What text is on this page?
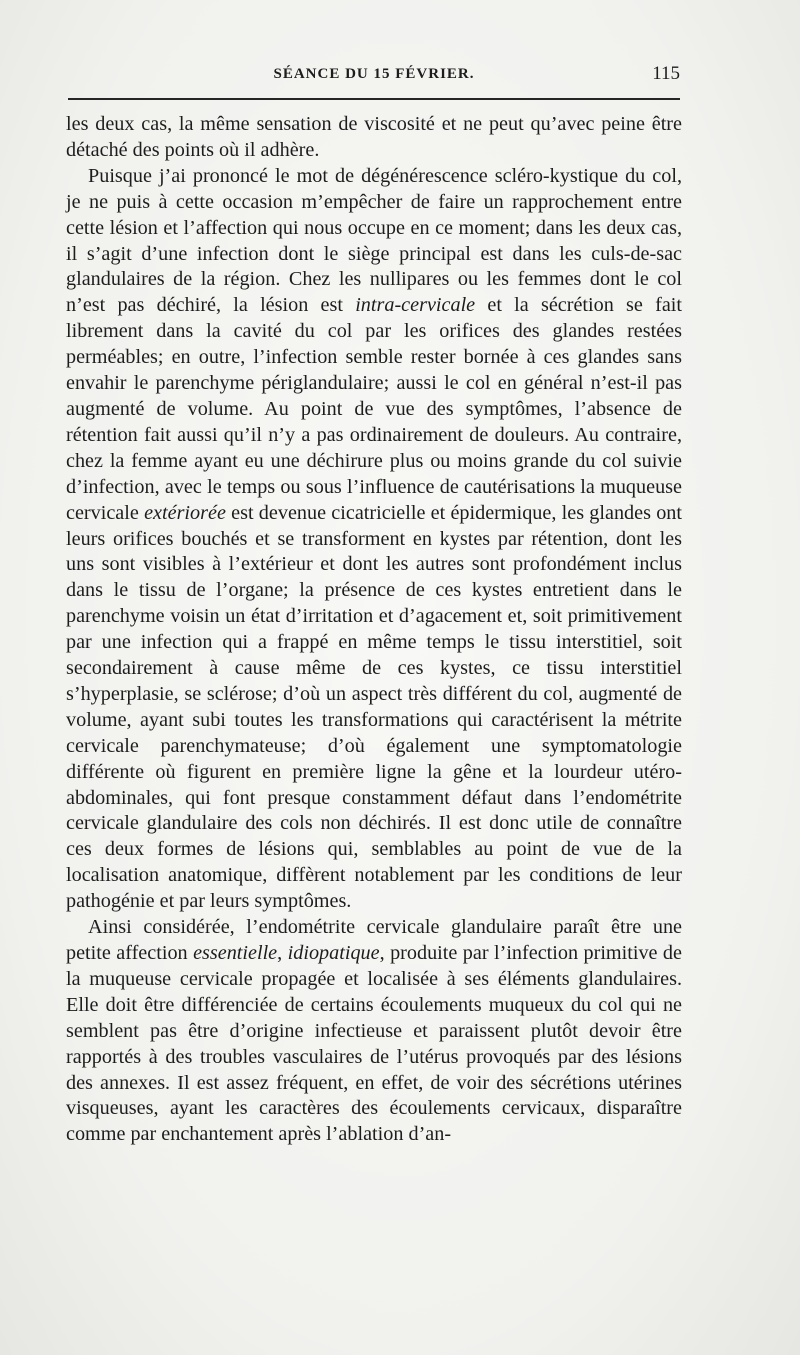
SÉANCE DU 15 FÉVRIER.	115

les deux cas, la même sensation de viscosité et ne peut qu’avec peine être détaché des points où il adhère.

Puisque j’ai prononcé le mot de dégénérescence scléro-kystique du col, je ne puis à cette occasion m’empêcher de faire un rapprochement entre cette lésion et l’affection qui nous occupe en ce moment; dans les deux cas, il s’agit d’une infection dont le siège principal est dans les culs-de-sac glandulaires de la région. Chez les nullipares ou les femmes dont le col n’est pas déchiré, la lésion est intra-cervicale et la sécrétion se fait librement dans la cavité du col par les orifices des glandes restées perméables; en outre, l’infection semble rester bornée à ces glandes sans envahir le parenchyme périglandulaire; aussi le col en général n’est-il pas augmenté de volume. Au point de vue des symptômes, l’absence de rétention fait aussi qu’il n’y a pas ordinairement de douleurs. Au contraire, chez la femme ayant eu une déchirure plus ou moins grande du col suivie d’infection, avec le temps ou sous l’influence de cautérisations la muqueuse cervicale extériorée est devenue cicatricielle et épidermique, les glandes ont leurs orifices bouchés et se transforment en kystes par rétention, dont les uns sont visibles à l’extérieur et dont les autres sont profondément inclus dans le tissu de l’organe; la présence de ces kystes entretient dans le parenchyme voisin un état d’irritation et d’agacement et, soit primitivement par une infection qui a frappé en même temps le tissu interstitiel, soit secondairement à cause même de ces kystes, ce tissu interstitiel s’hyperplasie, se sclérose; d’où un aspect très différent du col, augmenté de volume, ayant subi toutes les transformations qui caractérisent la métrite cervicale parenchymateuse; d’où également une symptomatologie différente où figurent en première ligne la gêne et la lourdeur utéro-abdominales, qui font presque constamment défaut dans l’endométrite cervicale glandulaire des cols non déchirés. Il est donc utile de connaître ces deux formes de lésions qui, semblables au point de vue de la localisation anatomique, diffèrent notablement par les conditions de leur pathogénie et par leurs symptômes.

Ainsi considérée, l’endométrite cervicale glandulaire paraît être une petite affection essentielle, idiopatique, produite par l’infection primitive de la muqueuse cervicale propagée et localisée à ses éléments glandulaires. Elle doit être différenciée de certains écoulements muqueux du col qui ne semblent pas être d’origine infectieuse et paraissent plutôt devoir être rapportés à des troubles vasculaires de l’utérus provoqués par des lésions des annexes. Il est assez fréquent, en effet, de voir des sécrétions utérines visqueuses, ayant les caractères des écoulements cervicaux, disparaître comme par enchantement après l’ablation d’an-
